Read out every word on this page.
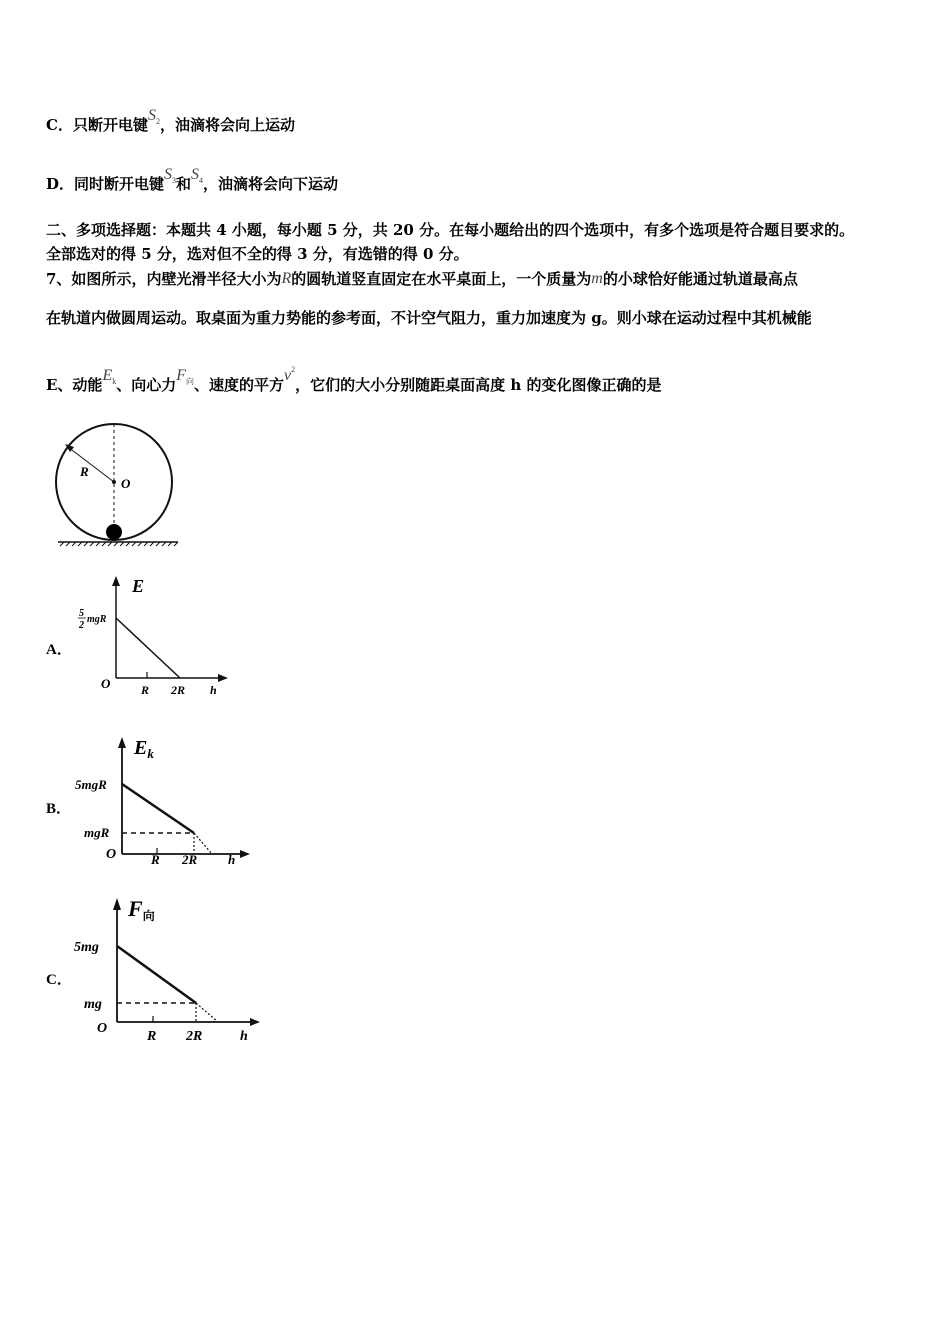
C．只断开电键$S_2$，油滴将会向上运动
D．同时断开电键$S_3$和$S_4$，油滴将会向下运动
二、多项选择题：本题共 4 小题，每小题 5 分，共 20 分。在每小题给出的四个选项中，有多个选项是符合题目要求的。
全部选对的得 5 分，选对但不全的得 3 分，有选错的得 0 分。
7、如图所示，内壁光滑半径大小为R的圆轨道竖直固定在水平桌面上，一个质量为m的小球恰好能通过轨道最高点
在轨道内做圆周运动。取桌面为重力势能的参考面，不计空气阻力，重力加速度为 g。则小球在运动过程中其机械能
E、动能$E_k$、向心力$F_向$、速度的平方$v^2$，它们的大小分别随距桌面高度 h 的变化图像正确的是
R
O
A．
E
5
2
mgR
O	R 2R h
B．
$E_k$
5mgR
mgR
O	R 2R h
C．
F向
5mg
mg
O
R 2R	h
